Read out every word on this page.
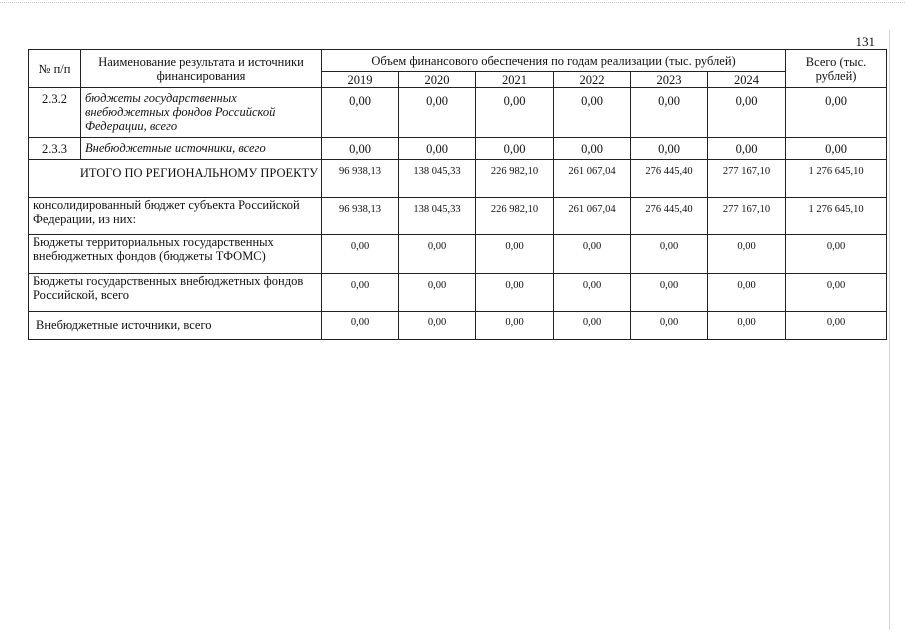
131
№ п/п	Наименование результата и источники финансирования	Объем финансового обеспечения по годам реализации (тыс. рублей)						Всего (тыс. рублей)
		2019	2020	2021	2022	2023	2024	
2.3.2	бюджеты государственных внебюджетных фондов Российской Федерации, всего	0,00	0,00	0,00	0,00	0,00	0,00	0,00
2.3.3	Внебюджетные источники, всего	0,00	0,00	0,00	0,00	0,00	0,00	0,00
ИТОГО ПО РЕГИОНАЛЬНОМУ ПРОЕКТУ		96 938,13	138 045,33	226 982,10	261 067,04	276 445,40	277 167,10	1 276 645,10
консолидированный бюджет субъекта Российской Федерации, из них:		96 938,13	138 045,33	226 982,10	261 067,04	276 445,40	277 167,10	1 276 645,10
Бюджеты территориальных государственных внебюджетных фондов (бюджеты ТФОМС)		0,00	0,00	0,00	0,00	0,00	0,00	0,00
Бюджеты государственных внебюджетных фондов Российской, всего		0,00	0,00	0,00	0,00	0,00	0,00	0,00
Внебюджетные источники, всего		0,00	0,00	0,00	0,00	0,00	0,00	0,00
